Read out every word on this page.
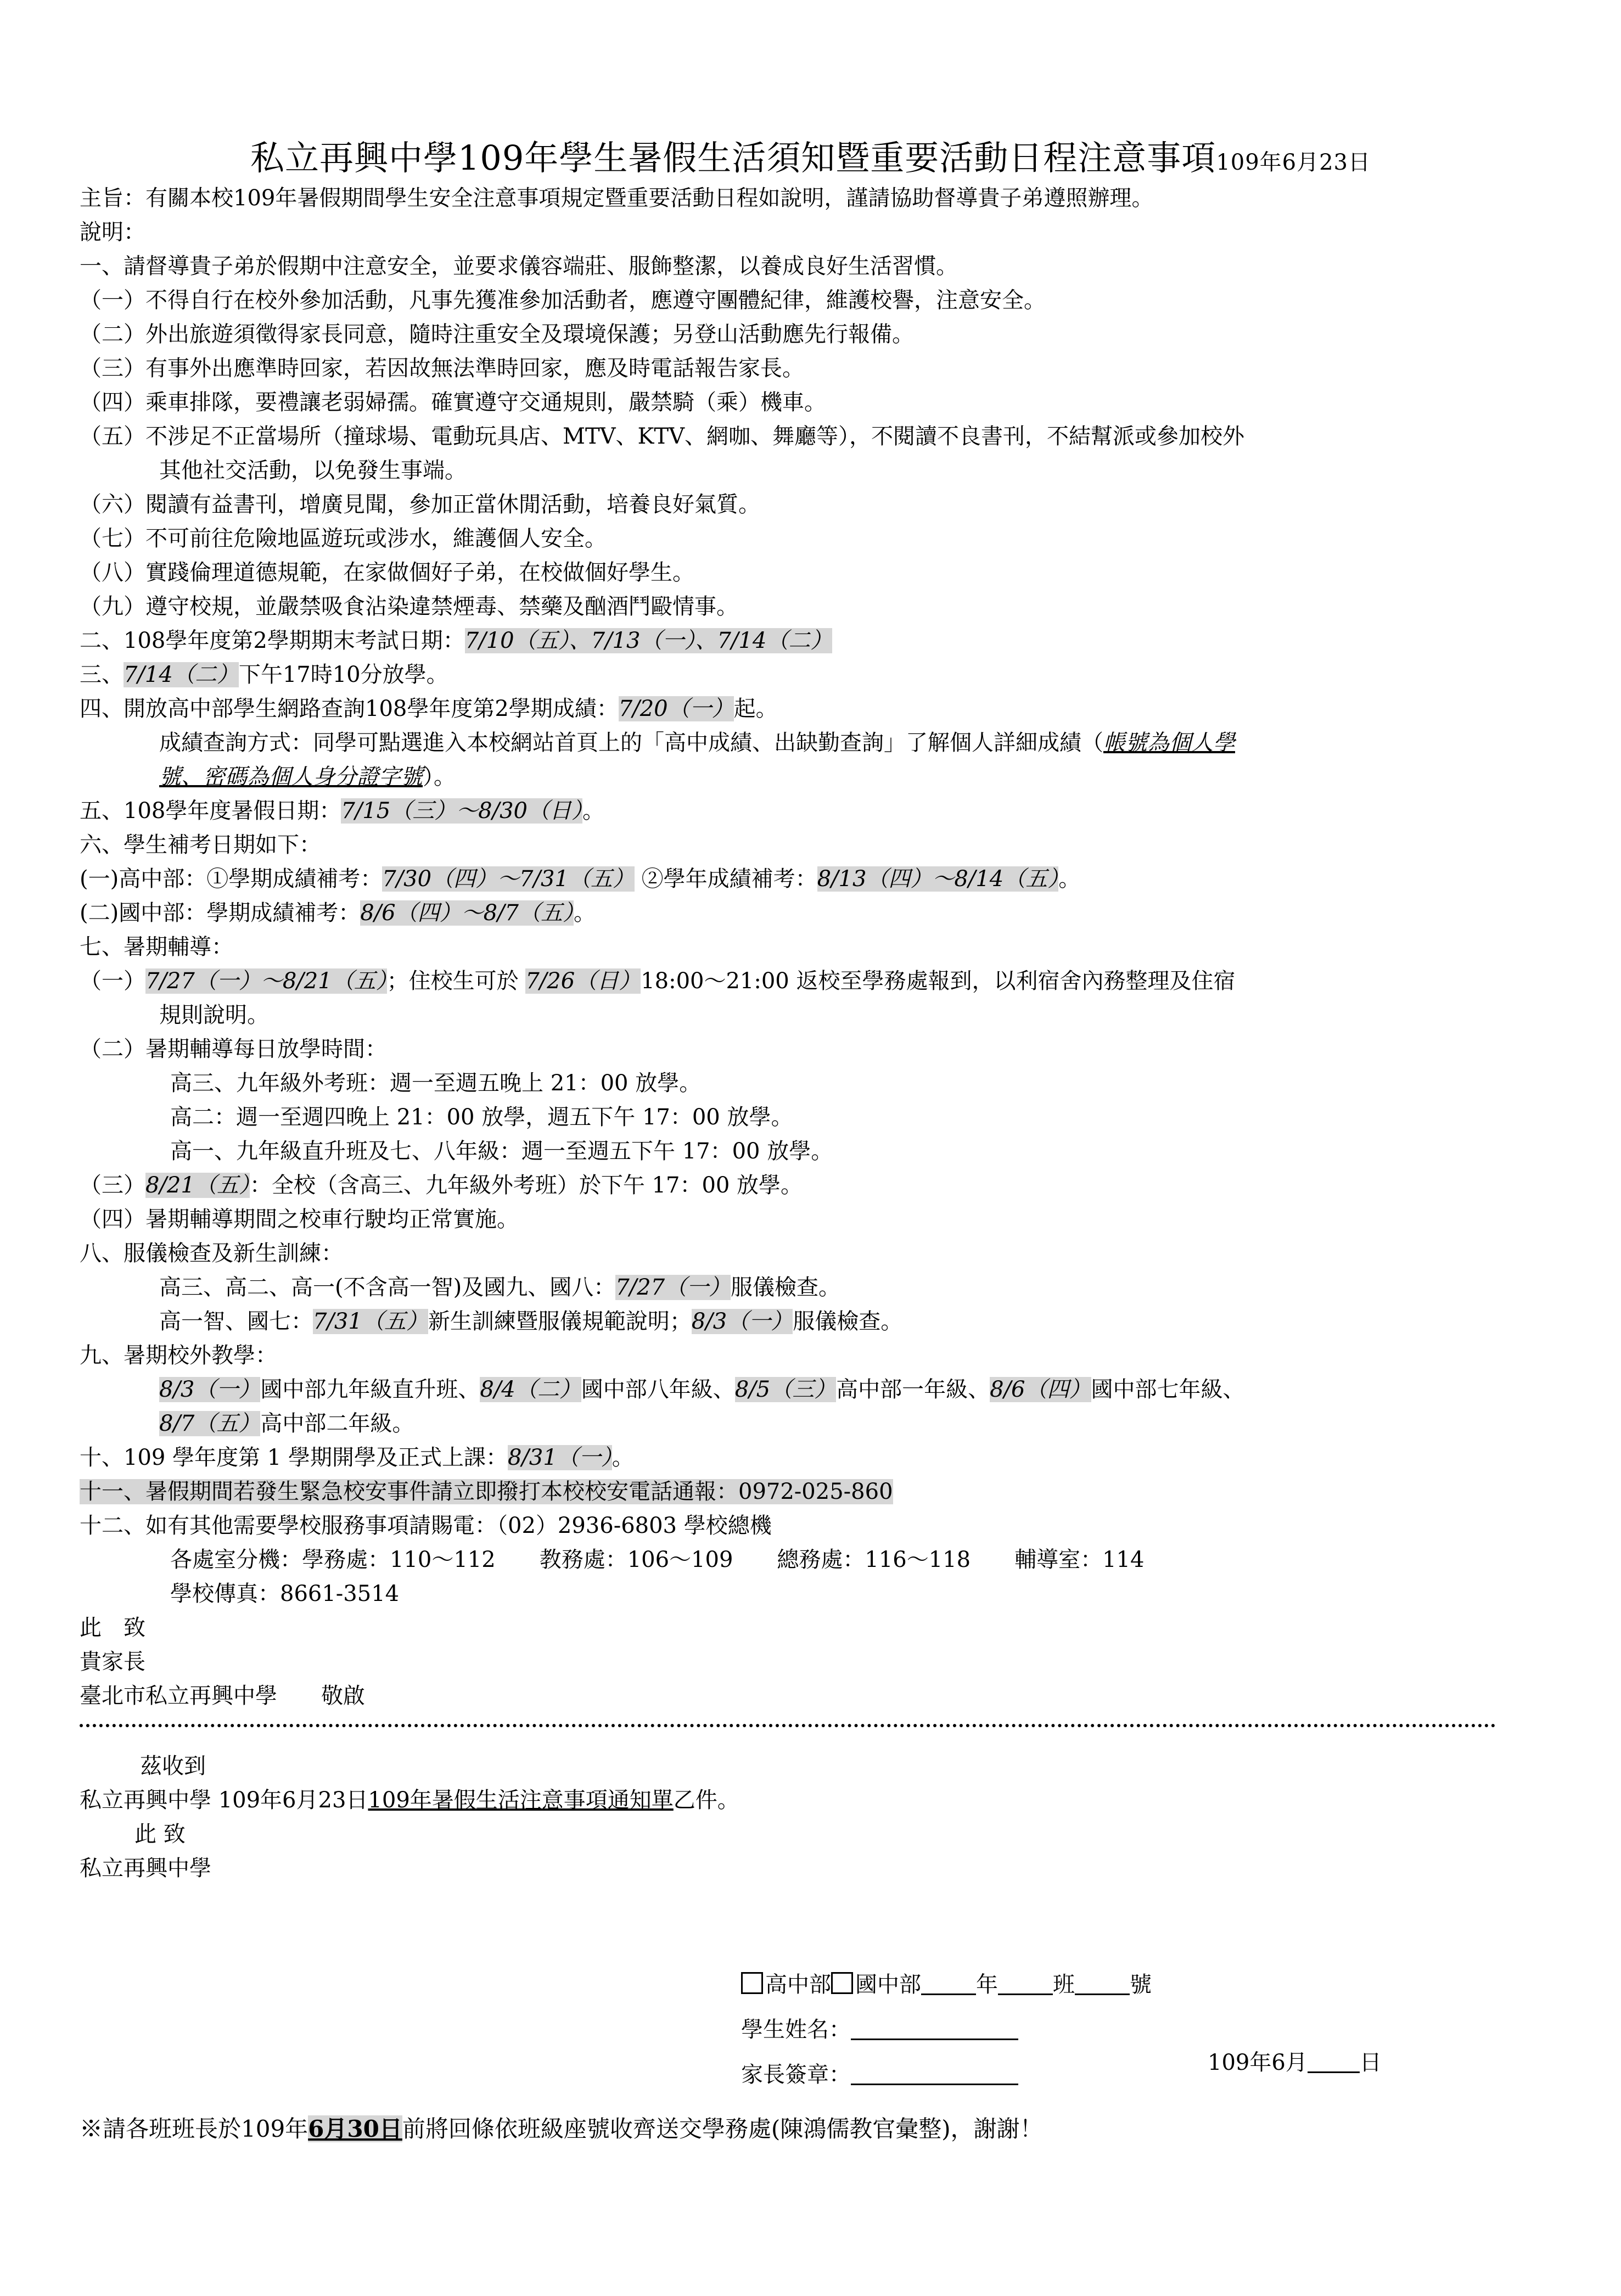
私立再興中學109年學生暑假生活須知暨重要活動日程注意事項109年6月23日
主旨：有關本校109年暑假期間學生安全注意事項規定暨重要活動日程如說明，謹請協助督導貴子弟遵照辦理。
說明：
一、請督導貴子弟於假期中注意安全，並要求儀容端莊、服飾整潔，以養成良好生活習慣。
（一）不得自行在校外參加活動，凡事先獲准參加活動者，應遵守團體紀律，維護校譽，注意安全。
（二）外出旅遊須徵得家長同意，隨時注重安全及環境保護；另登山活動應先行報備。
（三）有事外出應準時回家，若因故無法準時回家，應及時電話報告家長。
（四）乘車排隊，要禮讓老弱婦孺。確實遵守交通規則，嚴禁騎（乘）機車。
（五）不涉足不正當場所（撞球場、電動玩具店、MTV、KTV、網咖、舞廳等），不閱讀不良書刊，不結幫派或參加校外
其他社交活動，以免發生事端。
（六）閱讀有益書刊，增廣見聞，參加正當休閒活動，培養良好氣質。
（七）不可前往危險地區遊玩或涉水，維護個人安全。
（八）實踐倫理道德規範，在家做個好子弟，在校做個好學生。
（九）遵守校規，並嚴禁吸食沾染違禁煙毒、禁藥及酗酒鬥毆情事。
二、108學年度第2學期期末考試日期：7/10（五）、7/13（一）、7/14（二）
三、7/14（二）下午17時10分放學。
四、開放高中部學生網路查詢108學年度第2學期成績：7/20（一）起。
成績查詢方式：同學可點選進入本校網站首頁上的「高中成績、出缺勤查詢」了解個人詳細成績（帳號為個人學
號、密碼為個人身分證字號）。
五、108學年度暑假日期：7/15（三）～8/30（日）。
六、學生補考日期如下：
(一)高中部：①學期成績補考：7/30（四）～7/31（五） ②學年成績補考：8/13（四）～8/14（五）。
(二)國中部：學期成績補考：8/6（四）～8/7（五）。
七、暑期輔導：
（一）7/27（一）～8/21（五）；住校生可於 7/26（日）18:00～21:00 返校至學務處報到，以利宿舍內務整理及住宿
規則說明。
（二）暑期輔導每日放學時間：
高三、九年級外考班：週一至週五晚上 21：00 放學。
高二：週一至週四晚上 21：00 放學，週五下午 17：00 放學。
高一、九年級直升班及七、八年級：週一至週五下午 17：00 放學。
（三）8/21（五）：全校（含高三、九年級外考班）於下午 17：00 放學。
（四）暑期輔導期間之校車行駛均正常實施。
八、服儀檢查及新生訓練：
高三、高二、高一(不含高一智)及國九、國八：7/27（一）服儀檢查。
高一智、國七：7/31（五）新生訓練暨服儀規範說明；8/3（一）服儀檢查。
九、暑期校外教學：
8/3（一）國中部九年級直升班、8/4（二）國中部八年級、8/5（三）高中部一年級、8/6（四）國中部七年級、
8/7（五）高中部二年級。
十、109 學年度第 1 學期開學及正式上課：8/31（一）。
十一、暑假期間若發生緊急校安事件請立即撥打本校校安電話通報：0972-025-860
十二、如有其他需要學校服務事項請賜電：（02）2936-6803 學校總機
各處室分機：學務處：110～112　　教務處：106～109　　總務處：116～118　　輔導室：114
學校傳真：8661-3514
此　致
貴家長
臺北市私立再興中學　　敬啟
茲收到
私立再興中學 109年6月23日109年暑假生活注意事項通知單乙件。
此 致
私立再興中學
高中部 國中部	年	班	號
學生姓名：
家長簽章：	109年6月 日
※請各班班長於109年6月30日前將回條依班級座號收齊送交學務處(陳鴻儒教官彙整)，謝謝！
